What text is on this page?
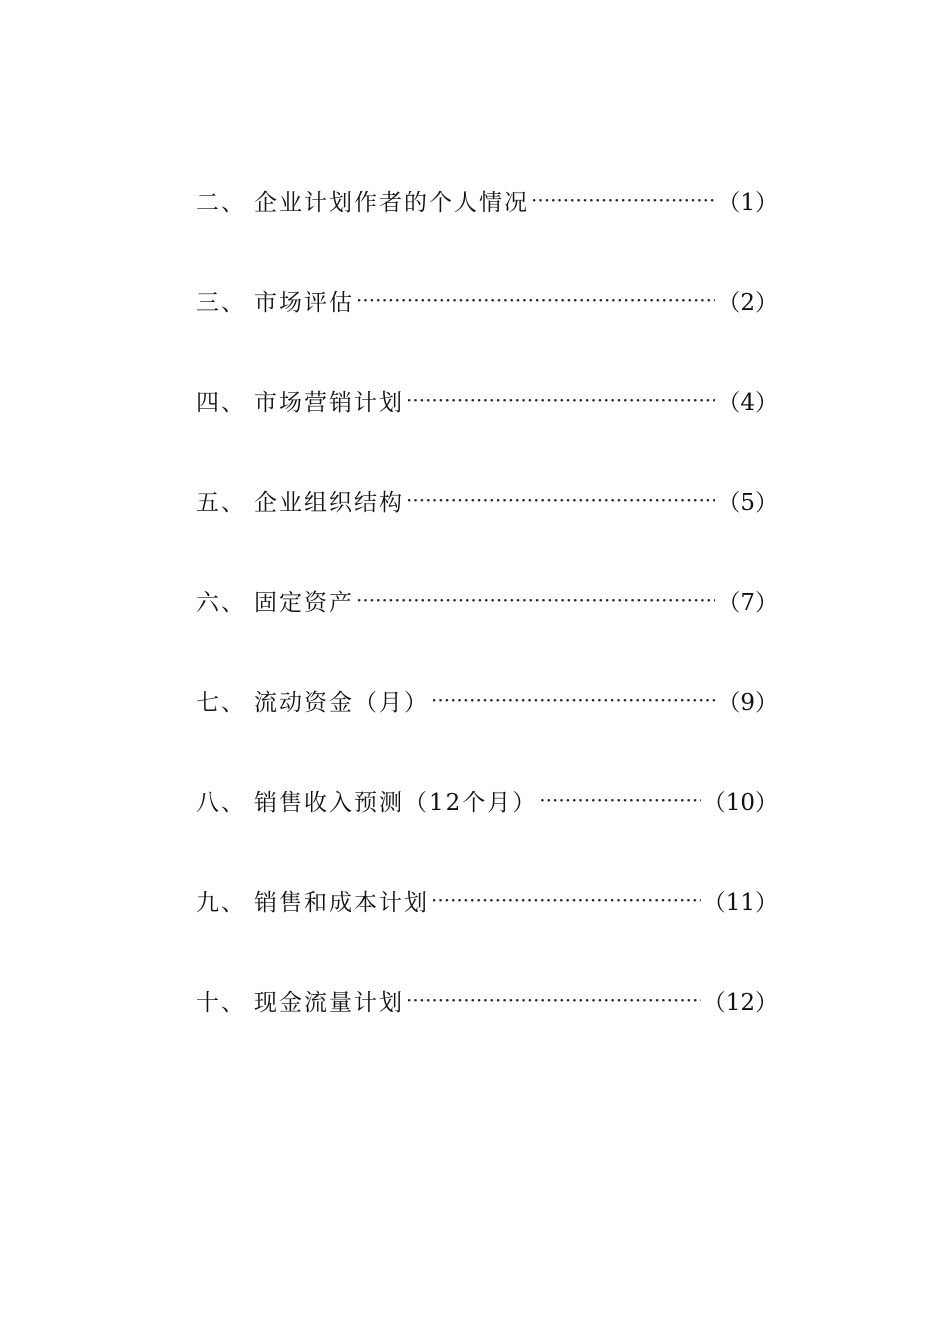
二、 企业计划作者的个人情况 ·····	（1）
三、 市场评估 ·····	（2）
四、 市场营销计划 ·····	（4）
五、 企业组织结构 ·····	（5）
六、 固定资产 ·····	（7）
七、 流动资金（月） ·····	（9）
八、 销售收入预测（12个月） ·····	（10）
九、 销售和成本计划 ·····	（11）
十、 现金流量计划 ·····	（12）
